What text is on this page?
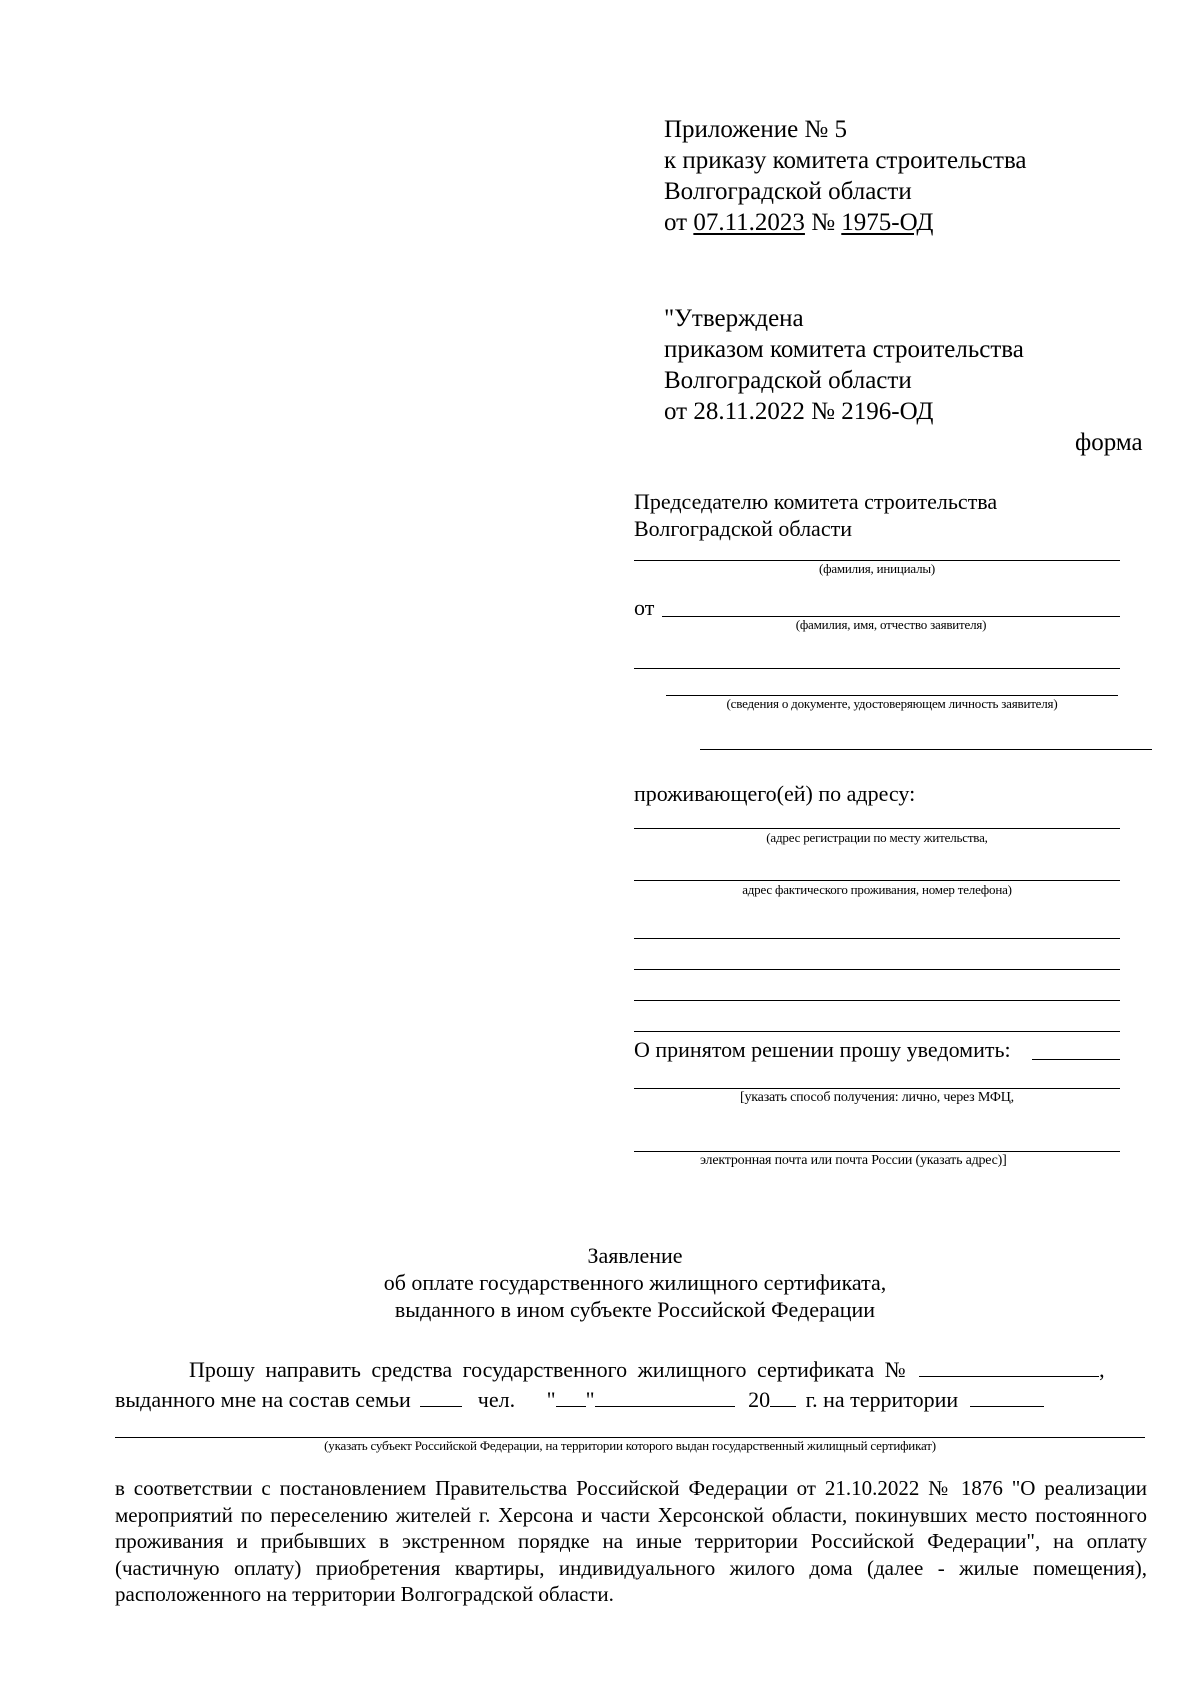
Приложение № 5
к приказу комитета строительства
Волгоградской области
от 07.11.2023 № 1975-ОД
"Утверждена
приказом комитета строительства
Волгоградской области
от 28.11.2022 № 2196-ОД
форма
Председателю комитета строительства
Волгоградской области
(фамилия, инициалы)
от
(фамилия, имя, отчество заявителя)
(сведения о документе, удостоверяющем личность заявителя)
проживающего(ей) по адресу:
(адрес регистрации по месту жительства,
адрес фактического проживания, номер телефона)
О принятом решении прошу уведомить:
[указать способ получения: лично, через МФЦ,
электронная почта или почта России (указать адрес)]
Заявление
об оплате государственного жилищного сертификата,
выданного в ином субъекте Российской Федерации
Прошу направить средства государственного жилищного сертификата №	,
выданного мне на состав семьи	чел. " "	20 г. на территории
(указать субъект Российской Федерации, на территории которого выдан государственный жилищный сертификат)
в соответствии с постановлением Правительства Российской Федерации от 21.10.2022 № 1876 "О реализации мероприятий по переселению жителей г. Херсона и части Херсонской области, покинувших место постоянного проживания и прибывших в экстренном порядке на иные территории Российской Федерации", на оплату (частичную оплату) приобретения квартиры, индивидуального жилого дома (далее - жилые помещения), расположенного на территории Волгоградской области.
